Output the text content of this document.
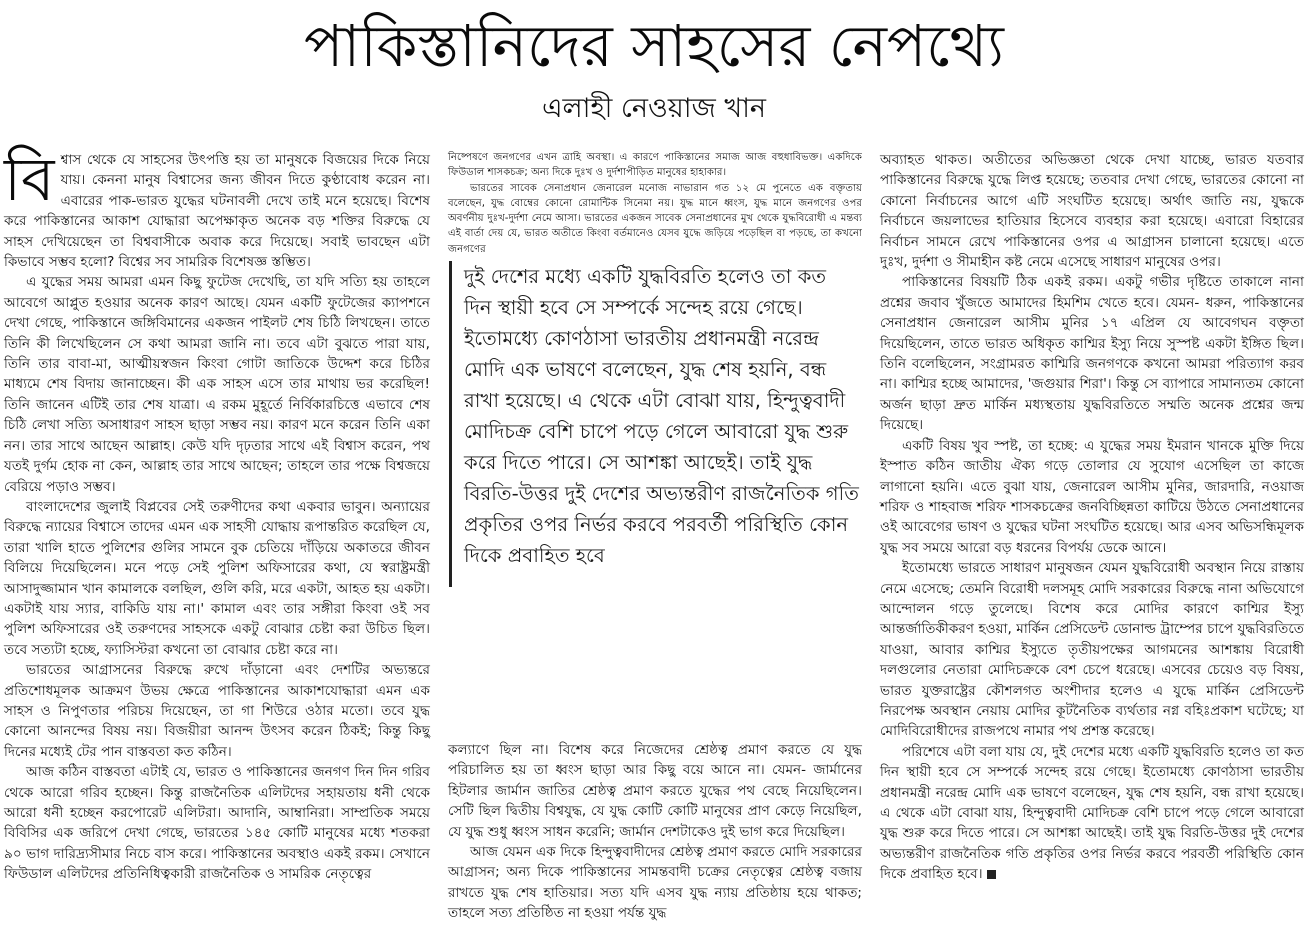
পাকিস্তানিদের সাহসের নেপথ্যে
এলাহী নেওয়াজ খান

বিশ্বাস থেকে যে সাহসের উৎপত্তি হয় তা মানুষকে বিজয়ের দিকে নিয়ে যায়। কেননা মানুষ বিশ্বাসের জন্য জীবন দিতে কুণ্ঠাবোধ করেন না। এবারের পাক-ভারত যুদ্ধের ঘটনাবলী দেখে তাই মনে হয়েছে। বিশেষ করে পাকিস্তানের আকাশ যোদ্ধারা অপেক্ষাকৃত অনেক বড় শক্তির বিরুদ্ধে যে সাহস দেখিয়েছেন তা বিশ্ববাসীকে অবাক করে দিয়েছে। সবাই ভাবছেন এটা কিভাবে সম্ভব হলো? বিশ্বের সব সামরিক বিশেষজ্ঞ স্তম্ভিত।

এ যুদ্ধের সময় আমরা এমন কিছু ফুটেজ দেখেছি, তা যদি সত্যি হয় তাহলে আবেগে আপ্লুত হওয়ার অনেক কারণ আছে। যেমন একটি ফুটেজের ক্যাপশনে দেখা গেছে, পাকিস্তানে জঙ্গিবিমানের একজন পাইলট শেষ চিঠি লিখছেন। তাতে তিনি কী লিখেছিলেন সে কথা আমরা জানি না। তবে এটা বুঝতে পারা যায়, তিনি তার বাবা-মা, আত্মীয়স্বজন কিংবা গোটা জাতিকে উদ্দেশ করে চিঠির মাধ্যমে শেষ বিদায় জানাচ্ছেন। কী এক সাহস এসে তার মাথায় ভর করেছিল! তিনি জানেন এটিই তার শেষ যাত্রা। এ রকম মুহূর্তে নির্বিকারচিত্তে এভাবে শেষ চিঠি লেখা সত্যি অসাধারণ সাহস ছাড়া সম্ভব নয়। কারণ মনে করেন তিনি একা নন। তার সাথে আছেন আল্লাহ। কেউ যদি দৃঢ়তার সাথে এই বিশ্বাস করেন, পথ যতই দুর্গম হোক না কেন, আল্লাহ তার সাথে আছেন; তাহলে তার পক্ষে বিশ্বজয়ে বেরিয়ে পড়াও সম্ভব।

বাংলাদেশের জুলাই বিপ্লবের সেই তরুণীদের কথা একবার ভাবুন। অন্যায়ের বিরুদ্ধে ন্যায়ের বিশ্বাসে তাদের এমন এক সাহসী যোদ্ধায় রূপান্তরিত করেছিল যে, তারা খালি হাতে পুলিশের গুলির সামনে বুক চেতিয়ে দাঁড়িয়ে অকাতরে জীবন বিলিয়ে দিয়েছিলেন। মনে পড়ে সেই পুলিশ অফিসারের কথা, যে স্বরাষ্ট্রমন্ত্রী আসাদুজ্জামান খান কামালকে বলছিল, গুলি করি, মরে একটা, আহত হয় একটা। একটাই যায় স্যার, বাকিডি যায় না।' কামাল এবং তার সঙ্গীরা কিংবা ওই সব পুলিশ অফিসারের ওই তরুণদের সাহসকে একটু বোঝার চেষ্টা করা উচিত ছিল। তবে সত্যটা হচ্ছে, ফ্যাসিস্টরা কখনো তা বোঝার চেষ্টা করে না।

ভারতের আগ্রাসনের বিরুদ্ধে রুখে দাঁড়ানো এবং দেশটির অভ্যন্তরে প্রতিশোধমূলক আক্রমণ উভয় ক্ষেত্রে পাকিস্তানের আকাশযোদ্ধারা এমন এক সাহস ও নিপুণতার পরিচয় দিয়েছেন, তা গা শিউরে ওঠার মতো। তবে যুদ্ধ কোনো আনন্দের বিষয় নয়। বিজয়ীরা আনন্দ উৎসব করেন ঠিকই; কিন্তু কিছু দিনের মধ্যেই টের পান বাস্তবতা কত কঠিন।

আজ কঠিন বাস্তবতা এটাই যে, ভারত ও পাকিস্তানের জনগণ দিন দিন গরিব থেকে আরো গরিব হচ্ছেন। কিন্তু রাজনৈতিক এলিটদের সহায়তায় ধনী থেকে আরো ধনী হচ্ছেন করপোরেট এলিটরা। আদানি, আম্বানিরা। সাম্প্রতিক সময়ে বিবিসির এক জরিপে দেখা গেছে, ভারতের ১৪৫ কোটি মানুষের মধ্যে শতকরা ৯০ ভাগ দারিদ্র্যসীমার নিচে বাস করে। পাকিস্তানের অবস্থাও একই রকম। সেখানে ফিউডাল এলিটদের প্রতিনিধিত্বকারী রাজনৈতিক ও সামরিক নেতৃত্বের

নিষ্পেষণে জনগণের এখন ত্রাহি অবস্থা। এ কারণে পাকিস্তানের সমাজ আজ বহুধাবিভক্ত। একদিকে ফিউডাল শাসকচক্র; অন্য দিকে দুঃখ ও দুর্দশাপীড়িত মানুষের হাহাকার।

ভারতের সাবেক সেনাপ্রধান জেনারেল মনোজ নাভারান গত ১২ মে পুনেতে এক বক্তৃতায় বলেছেন, যুদ্ধ বোম্বের কোনো রোমান্টিক সিনেমা নয়। যুদ্ধ মানে ধ্বংস, যুদ্ধ মানে জনগণের ওপর অবর্ণনীয় দুঃখ-দুর্দশা নেমে আসা। ভারতের একজন সাবেক সেনাপ্রধানের মুখ থেকে যুদ্ধবিরোধী এ মন্তব্য এই বার্তা দেয় যে, ভারত অতীতে কিংবা বর্তমানেও যেসব যুদ্ধে জড়িয়ে পড়েছিল বা পড়ছে, তা কখনো জনগণের

কল্যাণে ছিল না। বিশেষ করে নিজেদের শ্রেষ্ঠত্ব প্রমাণ করতে যে যুদ্ধ পরিচালিত হয় তা ধ্বংস ছাড়া আর কিছু বয়ে আনে না। যেমন- জার্মানের হিটলার জার্মান জাতির শ্রেষ্ঠত্ব প্রমাণ করতে যুদ্ধের পথ বেছে নিয়েছিলেন। সেটি ছিল দ্বিতীয় বিশ্বযুদ্ধ, যে যুদ্ধ কোটি কোটি মানুষের প্রাণ কেড়ে নিয়েছিল, যে যুদ্ধ শুধু ধ্বংস সাধন করেনি; জার্মান দেশটাকেও দুই ভাগ করে দিয়েছিল।

আজ যেমন এক দিকে হিন্দুত্ববাদীদের শ্রেষ্ঠত্ব প্রমাণ করতে মোদি সরকারের আগ্রাসন; অন্য দিকে পাকিস্তানের সামন্তবাদী চক্রের নেতৃত্বের শ্রেষ্ঠত্ব বজায় রাখতে যুদ্ধ শেষ হাতিয়ার। সত্য যদি এসব যুদ্ধ ন্যায় প্রতিষ্ঠায় হয়ে থাকত; তাহলে সত্য প্রতিষ্ঠিত না হওয়া পর্যন্ত যুদ্ধ

দুই দেশের মধ্যে একটি যুদ্ধবিরতি হলেও তা কত দিন স্থায়ী হবে সে সম্পর্কে সন্দেহ রয়ে গেছে। ইতোমধ্যে কোণঠাসা ভারতীয় প্রধানমন্ত্রী নরেন্দ্র মোদি এক ভাষণে বলেছেন, যুদ্ধ শেষ হয়নি, বন্ধ রাখা হয়েছে। এ থেকে এটা বোঝা যায়, হিন্দুত্ববাদী মোদিচক্র বেশি চাপে পড়ে গেলে আবারো যুদ্ধ শুরু করে দিতে পারে। সে আশঙ্কা আছেই। তাই যুদ্ধ বিরতি-উত্তর দুই দেশের অভ্যন্তরীণ রাজনৈতিক গতি প্রকৃতির ওপর নির্ভর করবে পরবর্তী পরিস্থিতি কোন দিকে প্রবাহিত হবে

অব্যাহত থাকত। অতীতের অভিজ্ঞতা থেকে দেখা যাচ্ছে, ভারত যতবার পাকিস্তানের বিরুদ্ধে যুদ্ধে লিপ্ত হয়েছে; ততবার দেখা গেছে, ভারতের কোনো না কোনো নির্বাচনের আগে এটি সংঘটিত হয়েছে। অর্থাৎ জাতি নয়, যুদ্ধকে নির্বাচনে জয়লাভের হাতিয়ার হিসেবে ব্যবহার করা হয়েছে। এবারো বিহারের নির্বাচন সামনে রেখে পাকিস্তানের ওপর এ আগ্রাসন চালানো হয়েছে। এতে দুঃখ, দুর্দশা ও সীমাহীন কষ্ট নেমে এসেছে সাধারণ মানুষের ওপর।

পাকিস্তানের বিষয়টি ঠিক একই রকম। একটু গভীর দৃষ্টিতে তাকালে নানা প্রশ্নের জবাব খুঁজতে আমাদের হিমশিম খেতে হবে। যেমন- ধরুন, পাকিস্তানের সেনাপ্রধান জেনারেল আসীম মুনির ১৭ এপ্রিল যে আবেগঘন বক্তৃতা দিয়েছিলেন, তাতে ভারত অধিকৃত কাশ্মির ইস্যু নিয়ে সুস্পষ্ট একটা ইঙ্গিত ছিল। তিনি বলেছিলেন, সংগ্রামরত কাশ্মিরি জনগণকে কখনো আমরা পরিত্যাগ করব না। কাশ্মির হচ্ছে আমাদের, 'জগুয়ার শিরা'। কিন্তু সে ব্যাপারে সামান্যতম কোনো অর্জন ছাড়া দ্রুত মার্কিন মধ্যস্থতায় যুদ্ধবিরতিতে সম্মতি অনেক প্রশ্নের জন্ম দিয়েছে।

একটি বিষয় খুব স্পষ্ট, তা হচ্ছে: এ যুদ্ধের সময় ইমরান খানকে মুক্তি দিয়ে ইস্পাত কঠিন জাতীয় ঐক্য গড়ে তোলার যে সুযোগ এসেছিল তা কাজে লাগানো হয়নি। এতে বুঝা যায়, জেনারেল আসীম মুনির, জারদারি, নওয়াজ শরিফ ও শাহবাজ শরিফ শাসকচক্রের জনবিচ্ছিন্নতা কাটিয়ে উঠতে সেনাপ্রধানের ওই আবেগের ভাষণ ও যুদ্ধের ঘটনা সংঘটিত হয়েছে। আর এসব অভিসন্ধিমূলক যুদ্ধ সব সময়ে আরো বড় ধরনের বিপর্যয় ডেকে আনে।

ইতোমধ্যে ভারতে সাধারণ মানুষজন যেমন যুদ্ধবিরোধী অবস্থান নিয়ে রাস্তায় নেমে এসেছে; তেমনি বিরোধী দলসমূহ মোদি সরকারের বিরুদ্ধে নানা অভিযোগে আন্দোলন গড়ে তুলেছে। বিশেষ করে মোদির কারণে কাশ্মির ইস্যু আন্তর্জাতিকীকরণ হওয়া, মার্কিন প্রেসিডেন্ট ডোনাল্ড ট্রাম্পের চাপে যুদ্ধবিরতিতে যাওয়া, আবার কাশ্মির ইস্যুতে তৃতীয়পক্ষের আগমনের আশঙ্কায় বিরোধী দলগুলোর নেতারা মোদিচক্রকে বেশ চেপে ধরেছে। এসবের চেয়েও বড় বিষয়, ভারত যুক্তরাষ্ট্রের কৌশলগত অংশীদার হলেও এ যুদ্ধে মার্কিন প্রেসিডেন্ট নিরপেক্ষ অবস্থান নেয়ায় মোদির কূটনৈতিক ব্যর্থতার নগ্ন বহিঃপ্রকাশ ঘটেছে; যা মোদিবিরোধীদের রাজপথে নামার পথ প্রশস্ত করেছে।

পরিশেষে এটা বলা যায় যে, দুই দেশের মধ্যে একটি যুদ্ধবিরতি হলেও তা কত দিন স্থায়ী হবে সে সম্পর্কে সন্দেহ রয়ে গেছে। ইতোমধ্যে কোণঠাসা ভারতীয় প্রধানমন্ত্রী নরেন্দ্র মোদি এক ভাষণে বলেছেন, যুদ্ধ শেষ হয়নি, বন্ধ রাখা হয়েছে। এ থেকে এটা বোঝা যায়, হিন্দুত্ববাদী মোদিচক্র বেশি চাপে পড়ে গেলে আবারো যুদ্ধ শুরু করে দিতে পারে। সে আশঙ্কা আছেই। তাই যুদ্ধ বিরতি-উত্তর দুই দেশের অভ্যন্তরীণ রাজনৈতিক গতি প্রকৃতির ওপর নির্ভর করবে পরবর্তী পরিস্থিতি কোন দিকে প্রবাহিত হবে।
